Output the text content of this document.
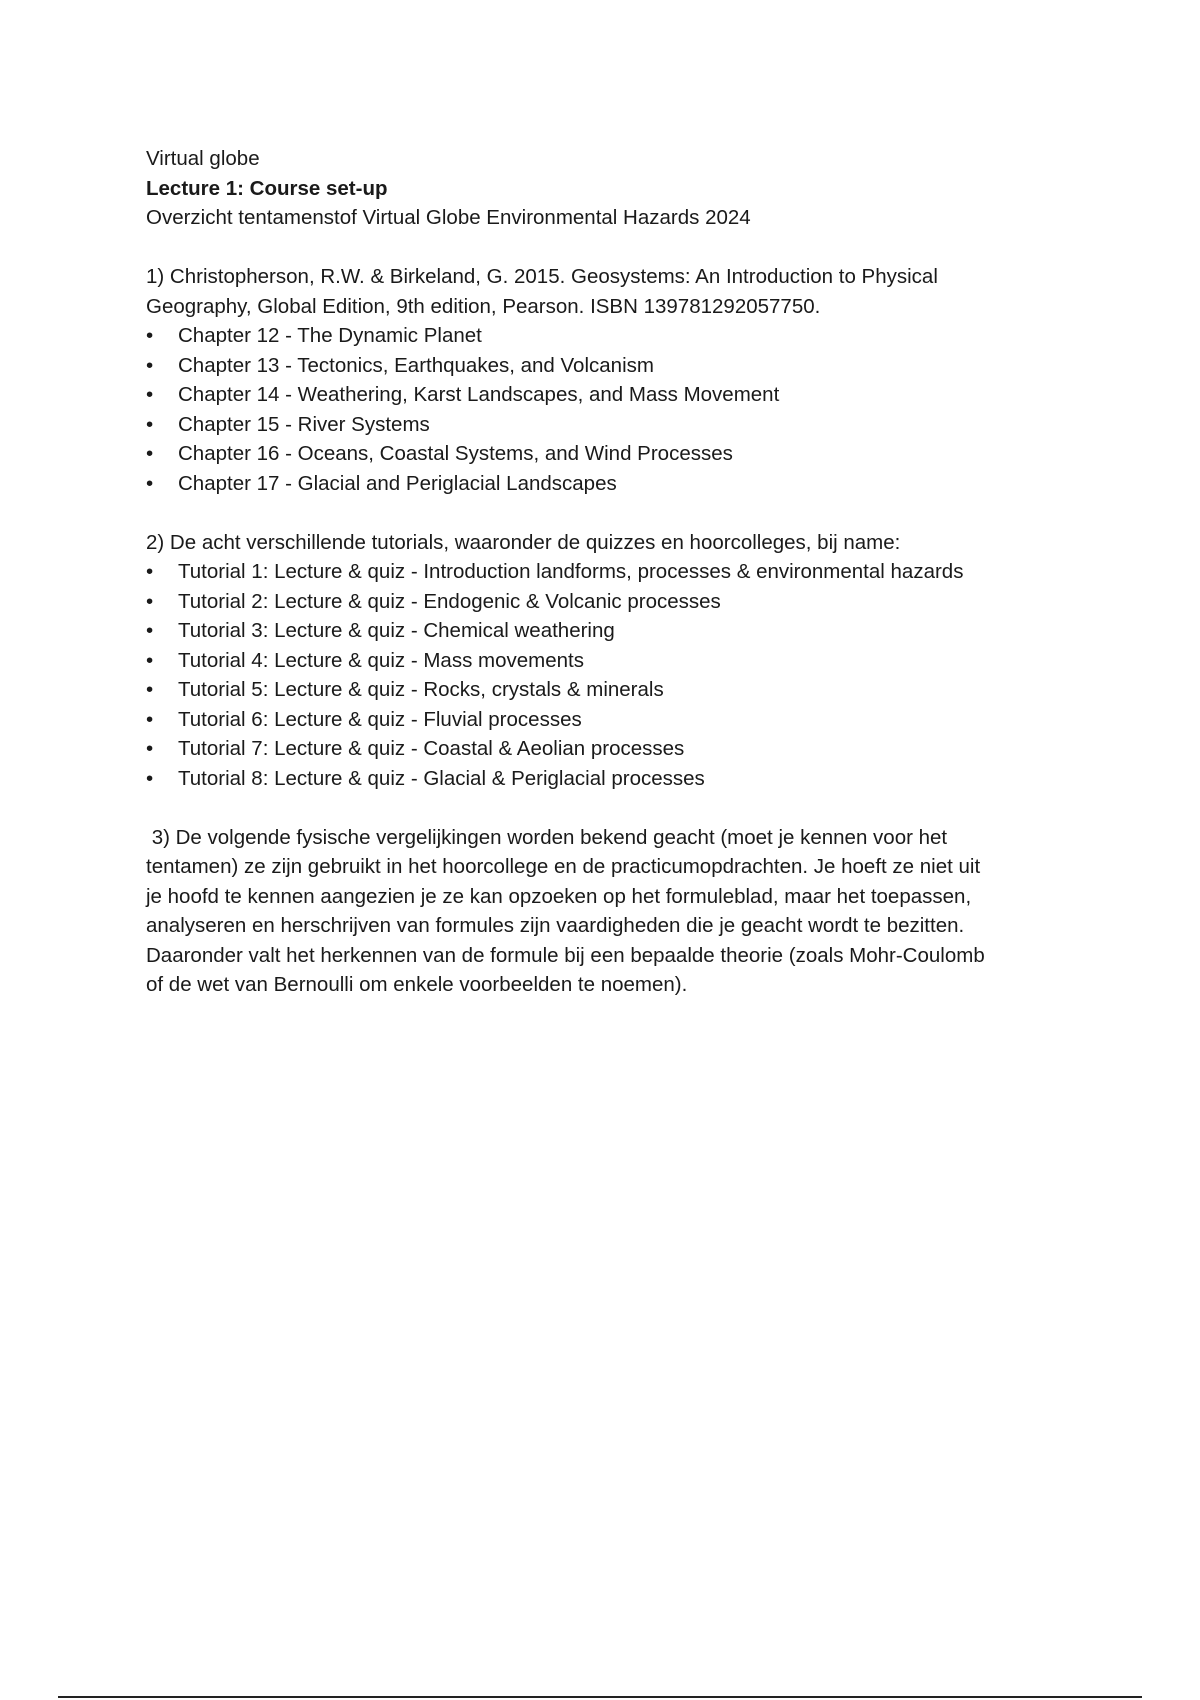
Virtual globe
Lecture 1: Course set-up
Overzicht tentamenstof Virtual Globe Environmental Hazards 2024
1) Christopherson, R.W. & Birkeland, G. 2015. Geosystems: An Introduction to Physical
Geography, Global Edition, 9th edition, Pearson. ISBN 139781292057750.
• Chapter 12 - The Dynamic Planet
• Chapter 13 - Tectonics, Earthquakes, and Volcanism
• Chapter 14 - Weathering, Karst Landscapes, and Mass Movement
• Chapter 15 - River Systems
• Chapter 16 - Oceans, Coastal Systems, and Wind Processes
• Chapter 17 - Glacial and Periglacial Landscapes
2) De acht verschillende tutorials, waaronder de quizzes en hoorcolleges, bij name:
• Tutorial 1: Lecture & quiz - Introduction landforms, processes & environmental hazards
• Tutorial 2: Lecture & quiz - Endogenic & Volcanic processes
• Tutorial 3: Lecture & quiz - Chemical weathering
• Tutorial 4: Lecture & quiz - Mass movements
• Tutorial 5: Lecture & quiz - Rocks, crystals & minerals
• Tutorial 6: Lecture & quiz - Fluvial processes
• Tutorial 7: Lecture & quiz - Coastal & Aeolian processes
• Tutorial 8: Lecture & quiz - Glacial & Periglacial processes
3) De volgende fysische vergelijkingen worden bekend geacht (moet je kennen voor het
tentamen) ze zijn gebruikt in het hoorcollege en de practicumopdrachten. Je hoeft ze niet uit
je hoofd te kennen aangezien je ze kan opzoeken op het formuleblad, maar het toepassen,
analyseren en herschrijven van formules zijn vaardigheden die je geacht wordt te bezitten.
Daaronder valt het herkennen van de formule bij een bepaalde theorie (zoals Mohr-Coulomb
of de wet van Bernoulli om enkele voorbeelden te noemen).
